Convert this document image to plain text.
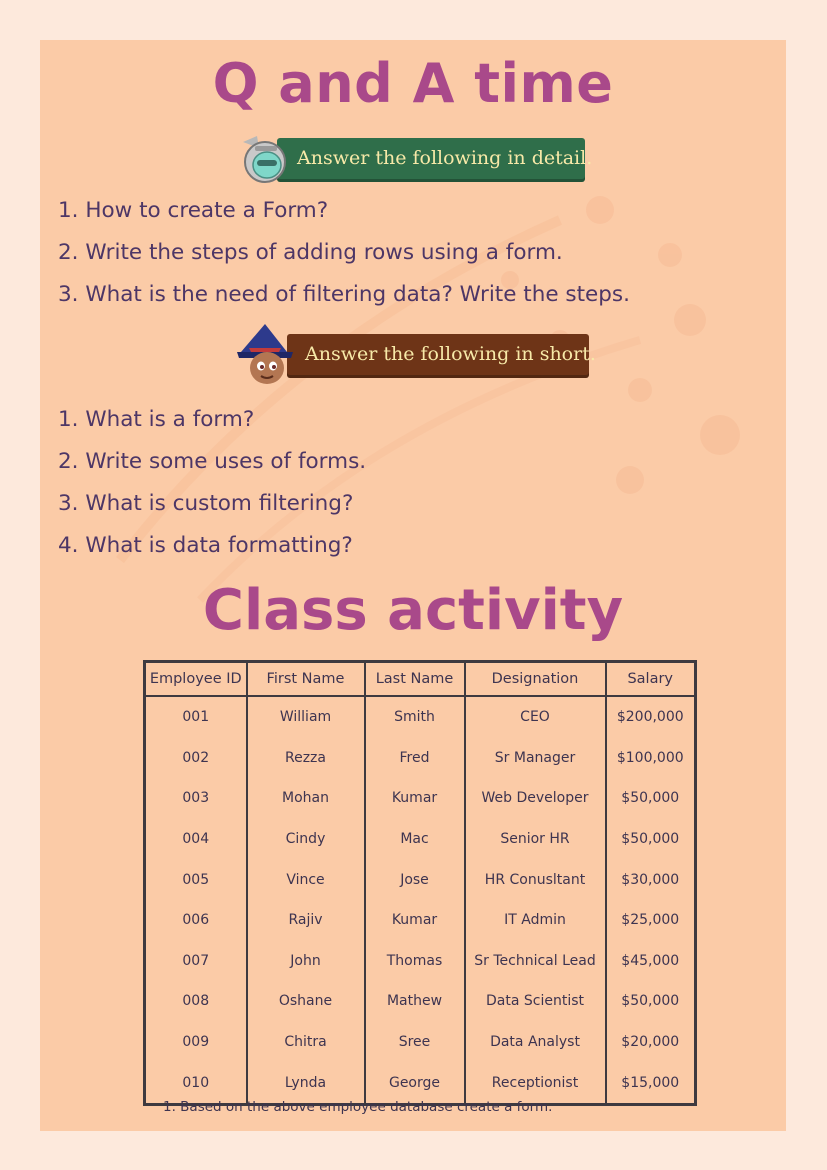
Q and A time
Answer the following in detail.
1. How to create a Form?
2. Write the steps of adding rows using a form.
3. What is the need of filtering data? Write the steps.
Answer the following in short.
1. What is a form?
2. Write some uses of forms.
3. What is custom filtering?
4. What is data formatting?
Class activity
Employee ID	First Name	Last Name	Designation	Salary
001	William	Smith	CEO	$200,000
002	Rezza	Fred	Sr Manager	$100,000
003	Mohan	Kumar	Web Developer	$50,000
004	Cindy	Mac	Senior HR	$50,000
005	Vince	Jose	HR Conusltant	$30,000
006	Rajiv	Kumar	IT Admin	$25,000
007	John	Thomas	Sr Technical Lead	$45,000
008	Oshane	Mathew	Data Scientist	$50,000
009	Chitra	Sree	Data Analyst	$20,000
010	Lynda	George	Receptionist	$15,000
1. Based on the above employee database create a form.
